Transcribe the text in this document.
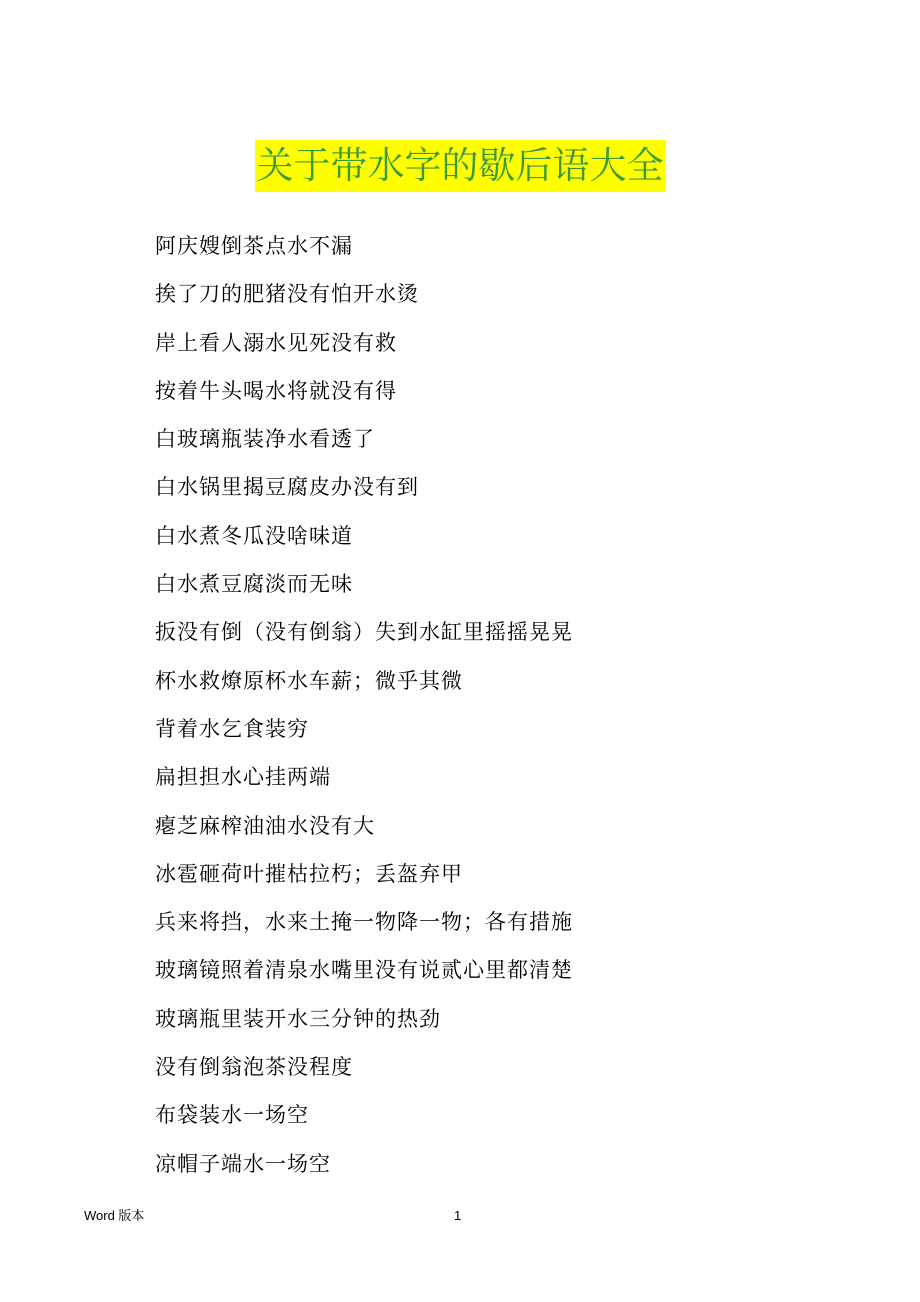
关于带水字的歇后语大全
阿庆嫂倒茶点水不漏
挨了刀的肥猪没有怕开水烫
岸上看人溺水见死没有救
按着牛头喝水将就没有得
白玻璃瓶装净水看透了
白水锅里揭豆腐皮办没有到
白水煮冬瓜没啥味道
白水煮豆腐淡而无味
扳没有倒（没有倒翁）失到水缸里摇摇晃晃
杯水救燎原杯水车薪；微乎其微
背着水乞食装穷
扁担担水心挂两端
瘪芝麻榨油油水没有大
冰雹砸荷叶摧枯拉朽；丢盔弃甲
兵来将挡，水来土掩一物降一物；各有措施
玻璃镜照着清泉水嘴里没有说贰心里都清楚
玻璃瓶里装开水三分钟的热劲
没有倒翁泡茶没程度
布袋装水一场空
凉帽子端水一场空
Word 版本	1
